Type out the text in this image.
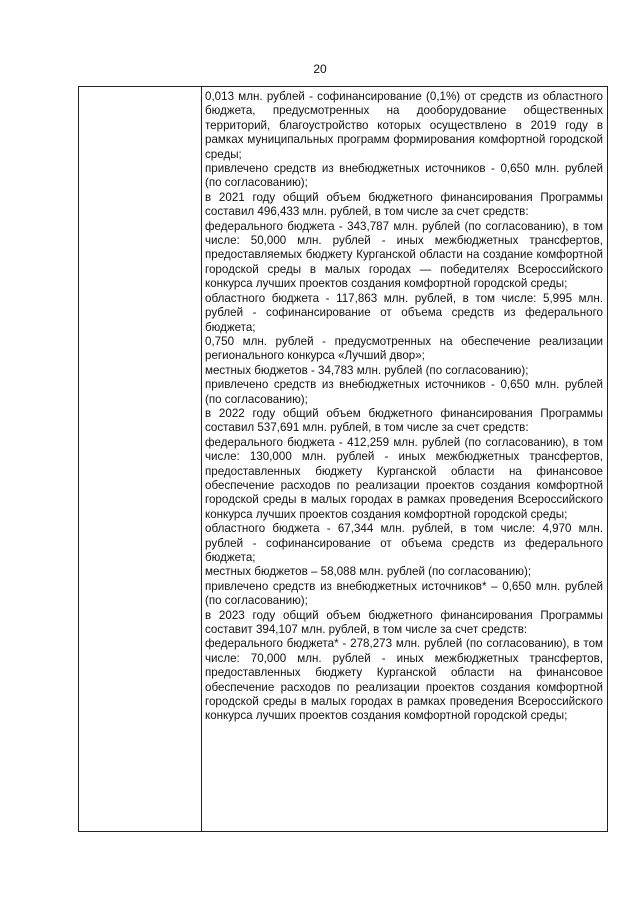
20

0,013 млн. рублей - софинансирование (0,1%) от средств из областного бюджета, предусмотренных на дооборудование общественных территорий, благоустройство которых осуществлено в 2019 году в рамках муниципальных программ формирования комфортной городской среды;

привлечено средств из внебюджетных источников - 0,650 млн. рублей (по согласованию);

в 2021 году общий объем бюджетного финансирования Программы составил 496,433 млн. рублей, в том числе за счет средств:

федерального бюджета - 343,787 млн. рублей (по согласованию), в том числе: 50,000 млн. рублей - иных межбюджетных трансфертов, предоставляемых бюджету Курганской области на создание комфортной городской среды в малых городах — победителях Всероссийского конкурса лучших проектов создания комфортной городской среды;

областного бюджета - 117,863 млн. рублей, в том числе: 5,995 млн. рублей - софинансирование от объема средств из федерального бюджета;

0,750 млн. рублей - предусмотренных на обеспечение реализации регионального конкурса «Лучший двор»;

местных бюджетов - 34,783 млн. рублей (по согласованию);

привлечено средств из внебюджетных источников - 0,650 млн. рублей (по согласованию);

в 2022 году общий объем бюджетного финансирования Программы составил 537,691 млн. рублей, в том числе за счет средств:

федерального бюджета - 412,259 млн. рублей (по согласованию), в том числе: 130,000 млн. рублей - иных межбюджетных трансфертов, предоставленных бюджету Курганской области на финансовое обеспечение расходов по реализации проектов создания комфортной городской среды в малых городах в рамках проведения Всероссийского конкурса лучших проектов создания комфортной городской среды;

областного бюджета - 67,344 млн. рублей, в том числе: 4,970 млн. рублей - софинансирование от объема средств из федерального бюджета;

местных бюджетов – 58,088 млн. рублей (по согласованию);

привлечено средств из внебюджетных источников* – 0,650 млн. рублей (по согласованию);

в 2023 году общий объем бюджетного финансирования Программы составит 394,107 млн. рублей, в том числе за счет средств:

федерального бюджета* - 278,273 млн. рублей (по согласованию), в том числе: 70,000 млн. рублей - иных межбюджетных трансфертов, предоставленных бюджету Курганской области на финансовое обеспечение расходов по реализации проектов создания комфортной городской среды в малых городах в рамках проведения Всероссийского конкурса лучших проектов создания комфортной городской среды;
